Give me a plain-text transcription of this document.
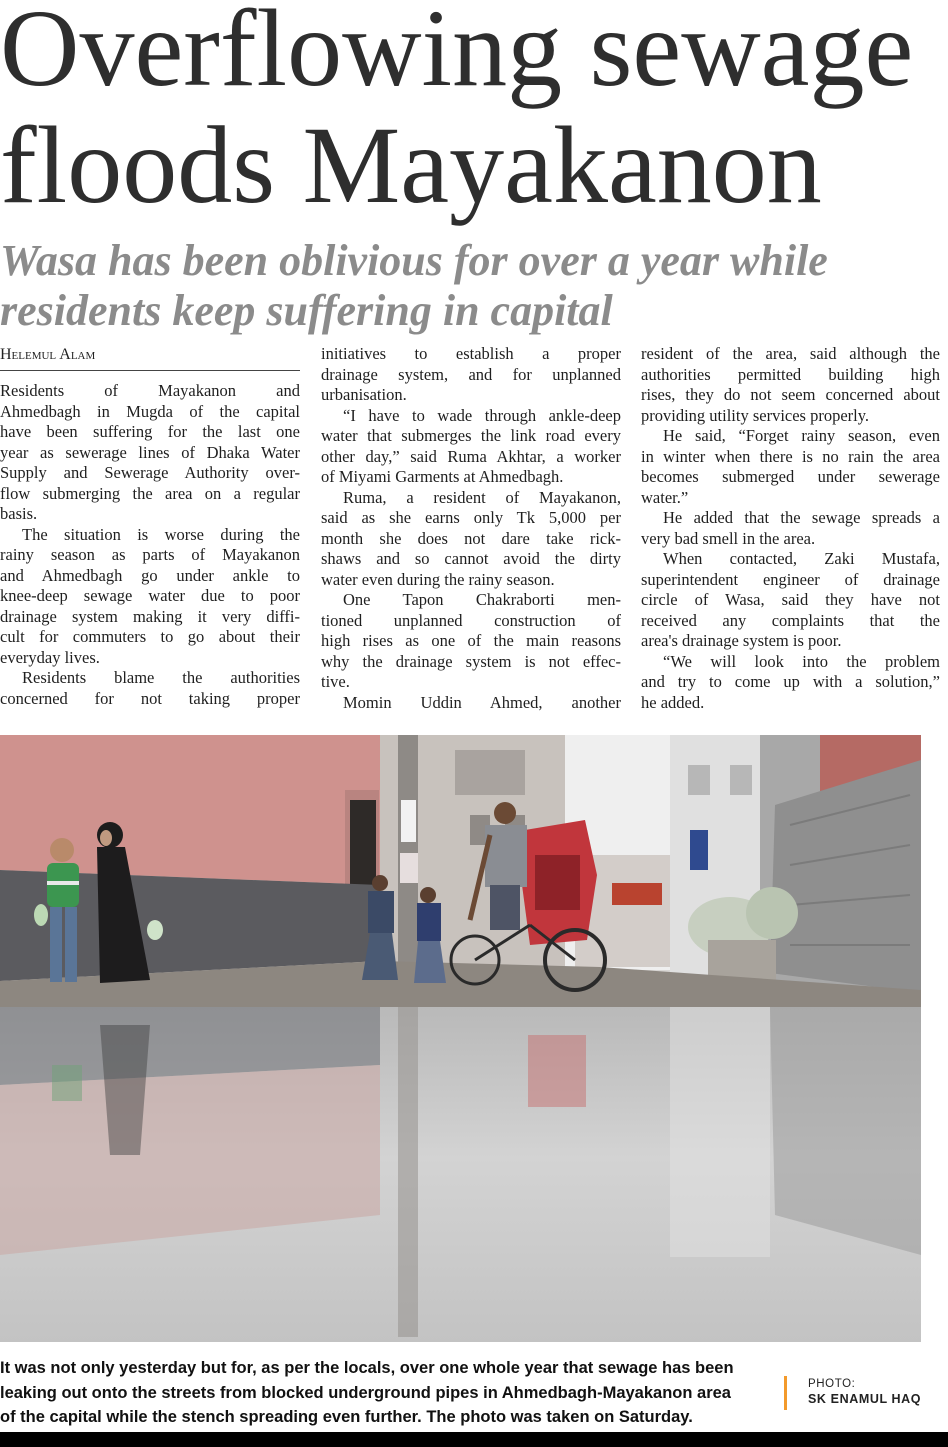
Overflowing sewage
floods Mayakanon
Wasa has been oblivious for over a year while
residents keep suffering in capital
Helemul Alam
Residents of Mayakanon and
Ahmedbagh in Mugda of the capital
have been suffering for the last one
year as sewerage lines of Dhaka Water
Supply and Sewerage Authority over-
flow submerging the area on a regular
basis.
The situation is worse during the
rainy season as parts of Mayakanon
and Ahmedbagh go under ankle to
knee-deep sewage water due to poor
drainage system making it very diffi-
cult for commuters to go about their
everyday lives.
Residents blame the authorities
concerned for not taking proper
initiatives to establish a proper
drainage system, and for unplanned
urbanisation.
“I have to wade through ankle-deep
water that submerges the link road every
other day,” said Ruma Akhtar, a worker
of Miyami Garments at Ahmedbagh.
Ruma, a resident of Mayakanon,
said as she earns only Tk 5,000 per
month she does not dare take rick-
shaws and so cannot avoid the dirty
water even during the rainy season.
One Tapon Chakraborti men-
tioned unplanned construction of
high rises as one of the main reasons
why the drainage system is not effec-
tive.
Momin Uddin Ahmed, another
resident of the area, said although the
authorities permitted building high
rises, they do not seem concerned about
providing utility services properly.
He said, “Forget rainy season, even
in winter when there is no rain the area
becomes submerged under sewerage
water.”
He added that the sewage spreads a
very bad smell in the area.
When contacted, Zaki Mustafa,
superintendent engineer of drainage
circle of Wasa, said they have not
received any complaints that the
area's drainage system is poor.
“We will look into the problem
and try to come up with a solution,”
he added.
It was not only yesterday but for, as per the locals, over one whole year that sewage has been
leaking out onto the streets from blocked underground pipes in Ahmedbagh-Mayakanon area
of the capital while the stench spreading even further. The photo was taken on Saturday.
PHOTO:
SK ENAMUL HAQ
